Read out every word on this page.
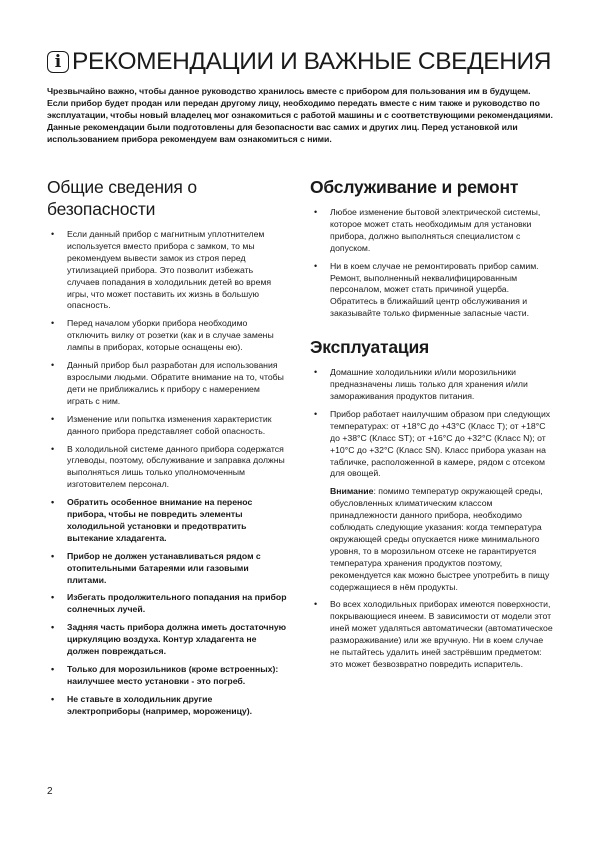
i РЕКОМЕНДАЦИИ И ВАЖНЫЕ СВЕДЕНИЯ

Чрезвычайно важно, чтобы данное руководство хранилось вместе с прибором для пользования им в будущем. Если прибор будет продан или передан другому лицу, необходимо передать вместе с ним также и руководство по эксплуатации, чтобы новый владелец мог ознакомиться с работой машины и с соответствующими рекомендациями.

Данные рекомендации были подготовлены для безопасности вас самих и других лиц. Перед установкой или использованием прибора рекомендуем вам ознакомиться с ними.

Общие сведения о безопасности
• Если данный прибор с магнитным уплотнителем используется вместо прибора с замком, то мы рекомендуем вывести замок из строя перед утилизацией прибора. Это позволит избежать случаев попадания в холодильник детей во время игры, что может поставить их жизнь в большую опасность.
• Перед началом уборки прибора необходимо отключить вилку от розетки (как и в случае замены лампы в приборах, которые оснащены ею).
• Данный прибор был разработан для использования взрослыми людьми. Обратите внимание на то, чтобы дети не приближались к прибору с намерением играть с ним.
• Изменение или попытка изменения характеристик данного прибора представляет собой опасность.
• В холодильной системе данного прибора содержатся углеводы, поэтому, обслуживание и заправка должны выполняться лишь только уполномоченным изготовителем персонал.
• Обратить особенное внимание на перенос прибора, чтобы не повредить элементы холодильной установки и предотвратить вытекание хладагента.
• Прибор не должен устанавливаться рядом с отопительными батареями или газовыми плитами.
• Избегать продолжительного попадания на прибор солнечных лучей.
• Задняя часть прибора должна иметь достаточную циркуляцию воздуха. Контур хладагента не должен повреждаться.
• Только для морозильников (кроме встроенных): наилучшее место установки - это погреб.
• Не ставьте в холодильник другие электроприборы (например, мороженицу).
Обслуживание и ремонт
• Любое изменение бытовой электрической системы, которое может стать необходимым для установки прибора, должно выполняться специалистом с допуском.
• Ни в коем случае не ремонтировать прибор самим. Ремонт, выполненный неквалифицированным персоналом, может стать причиной ущерба. Обратитесь в ближайший центр обслуживания и заказывайте только фирменные запасные части.
Эксплуатация
• Домашние холодильники и/или морозильники предназначены лишь только для хранения и/или замораживания продуктов питания.
• Прибор работает наилучшим образом при следующих температурах: от +18°C до +43°C (Класс T); от +18°C до +38°C (Класс ST); от +16°C до +32°C (Класс N); от +10°C до +32°C (Класс SN). Класс прибора указан на табличке, расположенной в камере, рядом с отсеком для овощей.
Внимание: помимо температур окружающей среды, обусловленных климатическим классом принадлежности данного прибора, необходимо соблюдать следующие указания: когда температура окружающей среды опускается ниже минимального уровня, то в морозильном отсеке не гарантируется температура хранения продуктов поэтому, рекомендуется как можно быстрее употребить в пищу содержащиеся в нём продукты.
• Во всех холодильных приборах имеются поверхности, покрывающиеся инеем. В зависимости от модели этот иней может удаляться автоматически (автоматическое размораживание) или же вручную. Ни в коем случае не пытайтесь удалить иней застрёвшим предметом: это может безвозвратно повредить испаритель.
2
